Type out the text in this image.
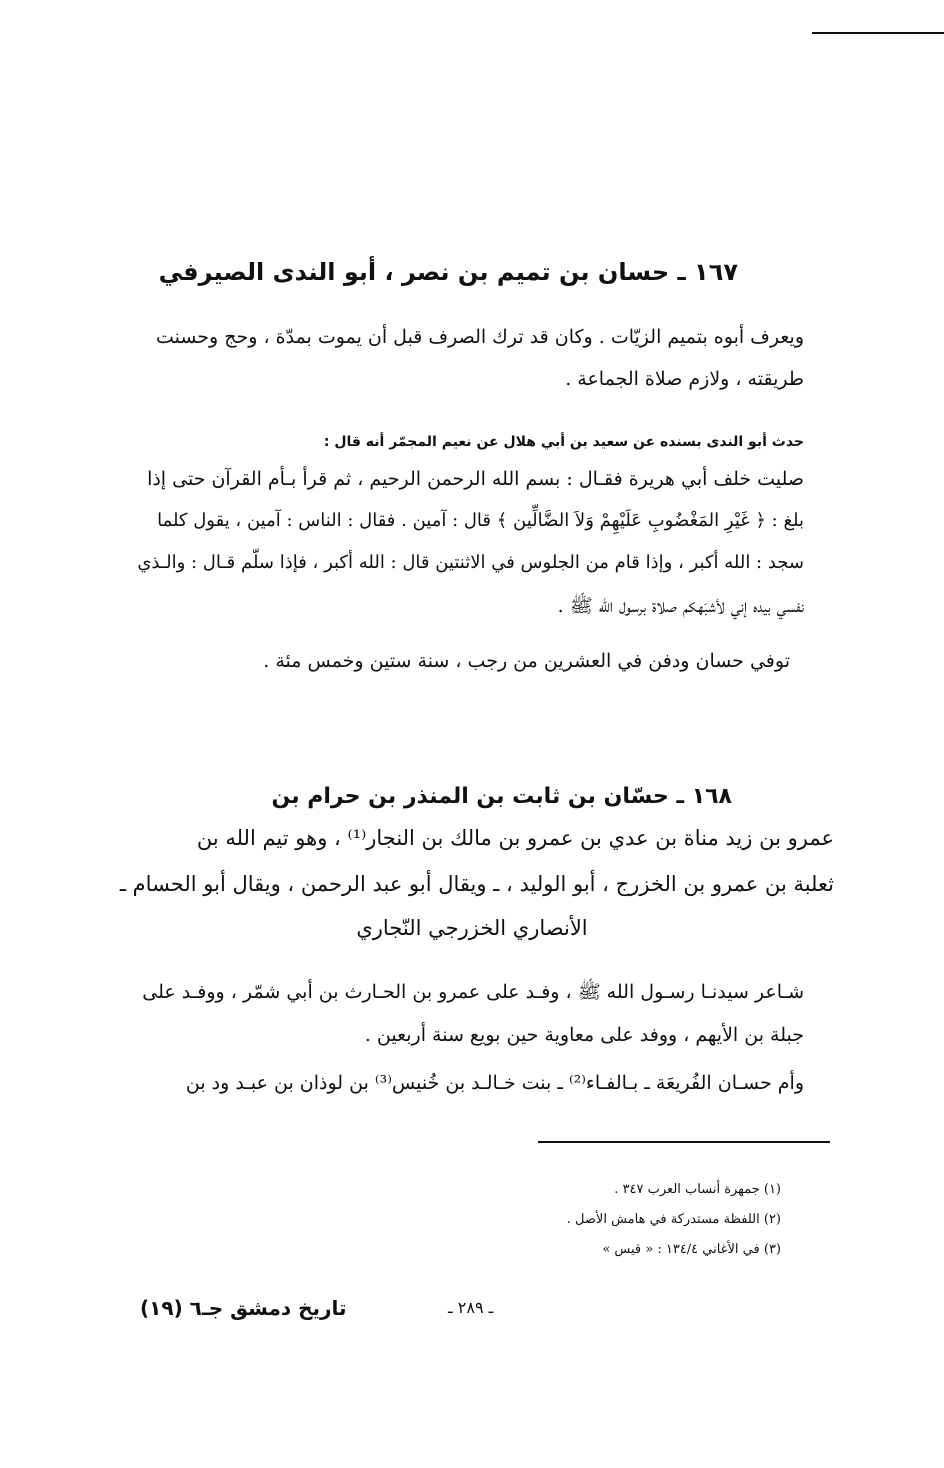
١٦٧ ـ حسان بن تميم بن نصر ، أبو الندى الصيرفي
ويعرف أبوه بتميم الزيّات . وكان قد ترك الصرف قبل أن يموت بمدّة ، وحج وحسنت
طريقته ، ولازم صلاة الجماعة .
حدث أبو الندى بسنده عن سعيد بن أبي هلال عن نعيم المجمّر أنه قال :
صليت خلف أبي هريرة فقـال : بسم الله الرحمن الرحيم ، ثم قرأ بـأم القرآن حتى إذا
بلغ : ﴿ غَيْرِ المَغْضُوبِ عَلَيْهِمْ وَلاَ الضَّالِّين ﴾ قال : آمين . فقال : الناس : آمين ، يقول كلما
سجد : الله أكبر ، وإذا قام من الجلوس في الاثنتين قال : الله أكبر ، فإذا سلّم قـال : والـذي
نفسي بيده إني لأشبَهكم صلاة برسول الله ﷺ .
توفي حسان ودفن في العشرين من رجب ، سنة ستين وخمس مئة .
١٦٨ ـ حسّان بن ثابت بن المنذر بن حرام بن
عمرو بن زيد مناة بن عدي بن عمرو بن مالك بن النجار⁽¹⁾ ، وهو تيم الله بن
ثعلبة بن عمرو بن الخزرج ، أبو الوليد ، ـ ويقال أبو عبد الرحمن ، ويقال أبو الحسام ـ
الأنصاري الخزرجي النّجاري
شـاعر سيدنـا رسـول الله ﷺ ، وفـد على عمرو بن الحـارث بن أبي شمّر ، ووفـد على
جبلة بن الأيهم ، ووفد على معاوية حين بويع سنة أربعين .
وأم حسـان الفُريعَة ـ بـالفـاء⁽²⁾ ـ بنت خـالـد بن خُنيس⁽³⁾ بن لوذان بن عبـد ود بن
(١) جمهرة أنساب العرب ٣٤٧ .
(٢) اللفظة مستدركة في هامش الأصل .
(٣) في الأغاني ١٣٤/٤ : « قيس »
تاريخ دمشق جـ٦ (١٩)	ـ ٢٨٩ ـ
